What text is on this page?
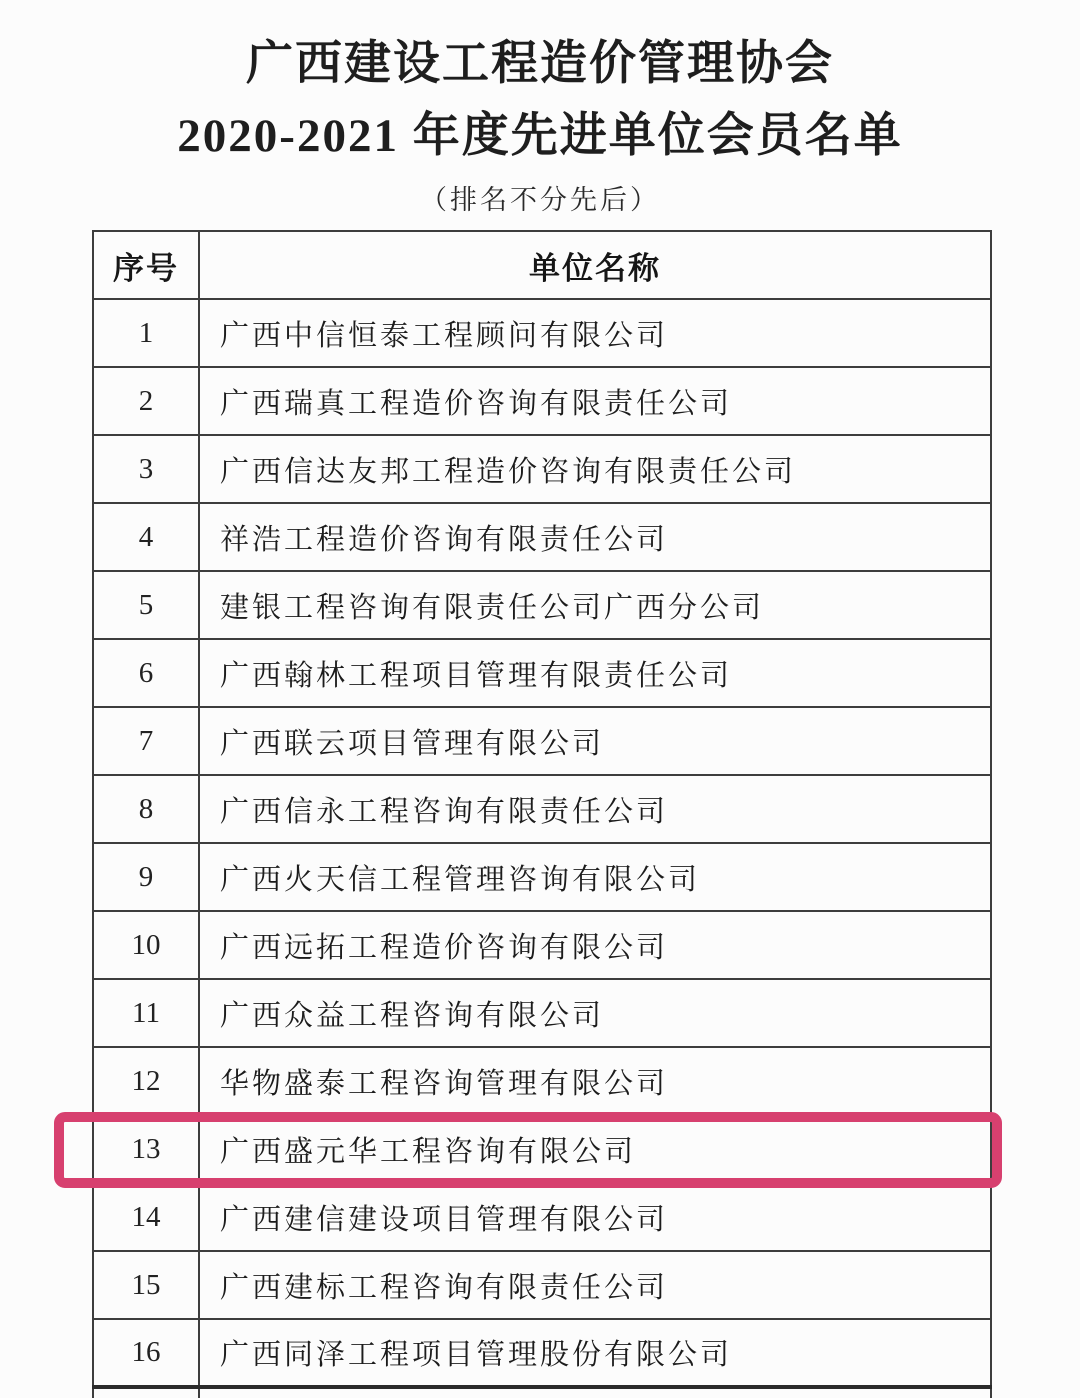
广西建设工程造价管理协会
2020-2021 年度先进单位会员名单
（排名不分先后）
序号	单位名称
1	广西中信恒泰工程顾问有限公司
2	广西瑞真工程造价咨询有限责任公司
3	广西信达友邦工程造价咨询有限责任公司
4	祥浩工程造价咨询有限责任公司
5	建银工程咨询有限责任公司广西分公司
6	广西翰林工程项目管理有限责任公司
7	广西联云项目管理有限公司
8	广西信永工程咨询有限责任公司
9	广西火天信工程管理咨询有限公司
10	广西远拓工程造价咨询有限公司
11	广西众益工程咨询有限公司
12	华物盛泰工程咨询管理有限公司
13	广西盛元华工程咨询有限公司
14	广西建信建设项目管理有限公司
15	广西建标工程咨询有限责任公司
16	广西同泽工程项目管理股份有限公司
